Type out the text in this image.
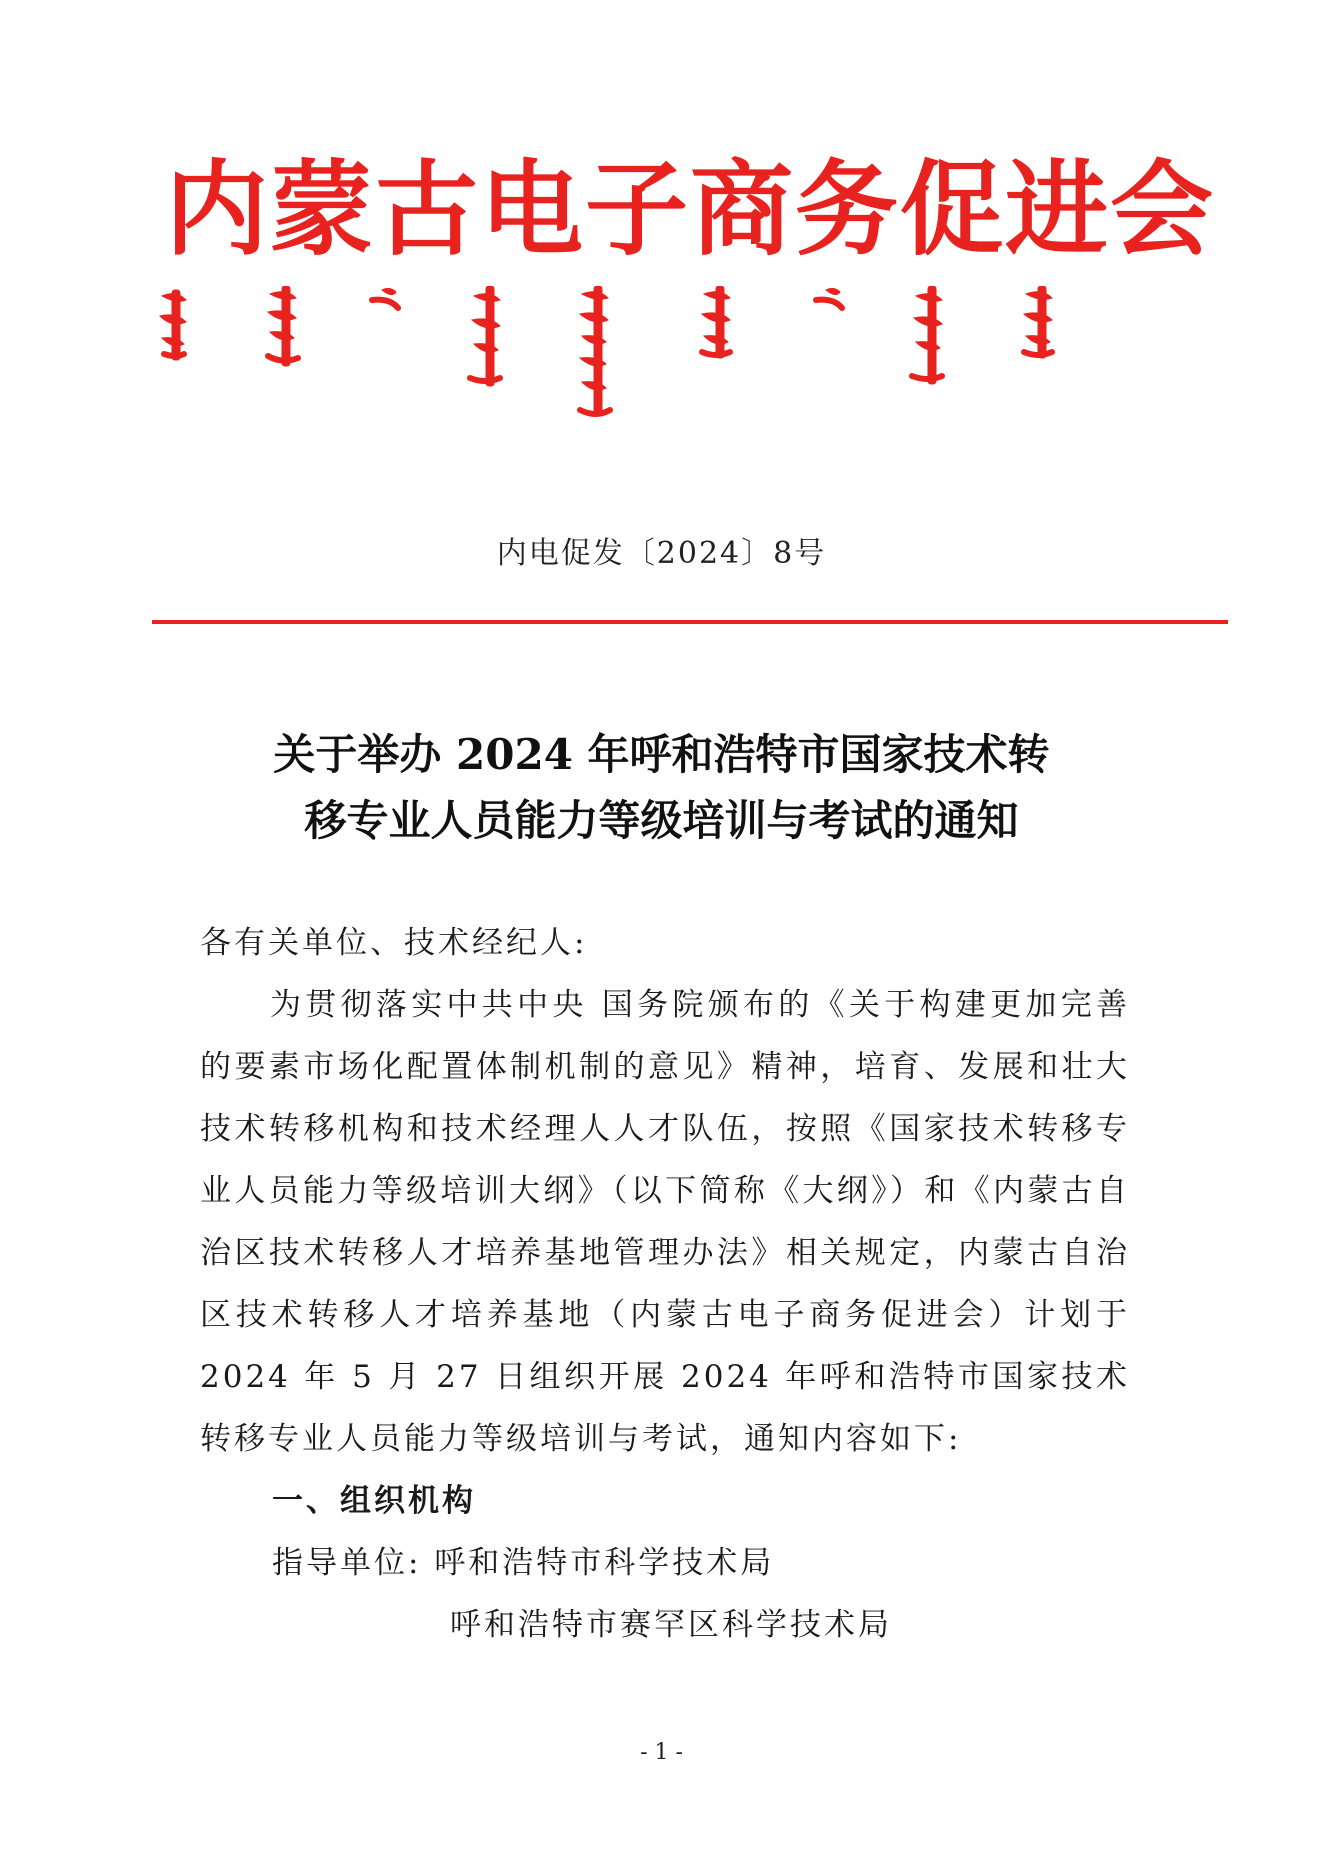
内蒙古电子商务促进会
内电促发〔2024〕8号
关于举办 2024 年呼和浩特市国家技术转
移专业人员能力等级培训与考试的通知

各有关单位、技术经纪人:

为贯彻落实中共中央 国务院颁布的《关于构建更加完善的要素市场化配置体制机制的意见》精神，培育、发展和壮大技术转移机构和技术经理人人才队伍，按照《国家技术转移专业人员能力等级培训大纲》（以下简称《大纲》）和《内蒙古自治区技术转移人才培养基地管理办法》相关规定，内蒙古自治区技术转移人才培养基地（内蒙古电子商务促进会）计划于 2024 年 5 月 27 日组织开展 2024 年呼和浩特市国家技术转移专业人员能力等级培训与考试，通知内容如下:

一、组织机构

指导单位: 呼和浩特市科学技术局

呼和浩特市赛罕区科学技术局

- 1 -
